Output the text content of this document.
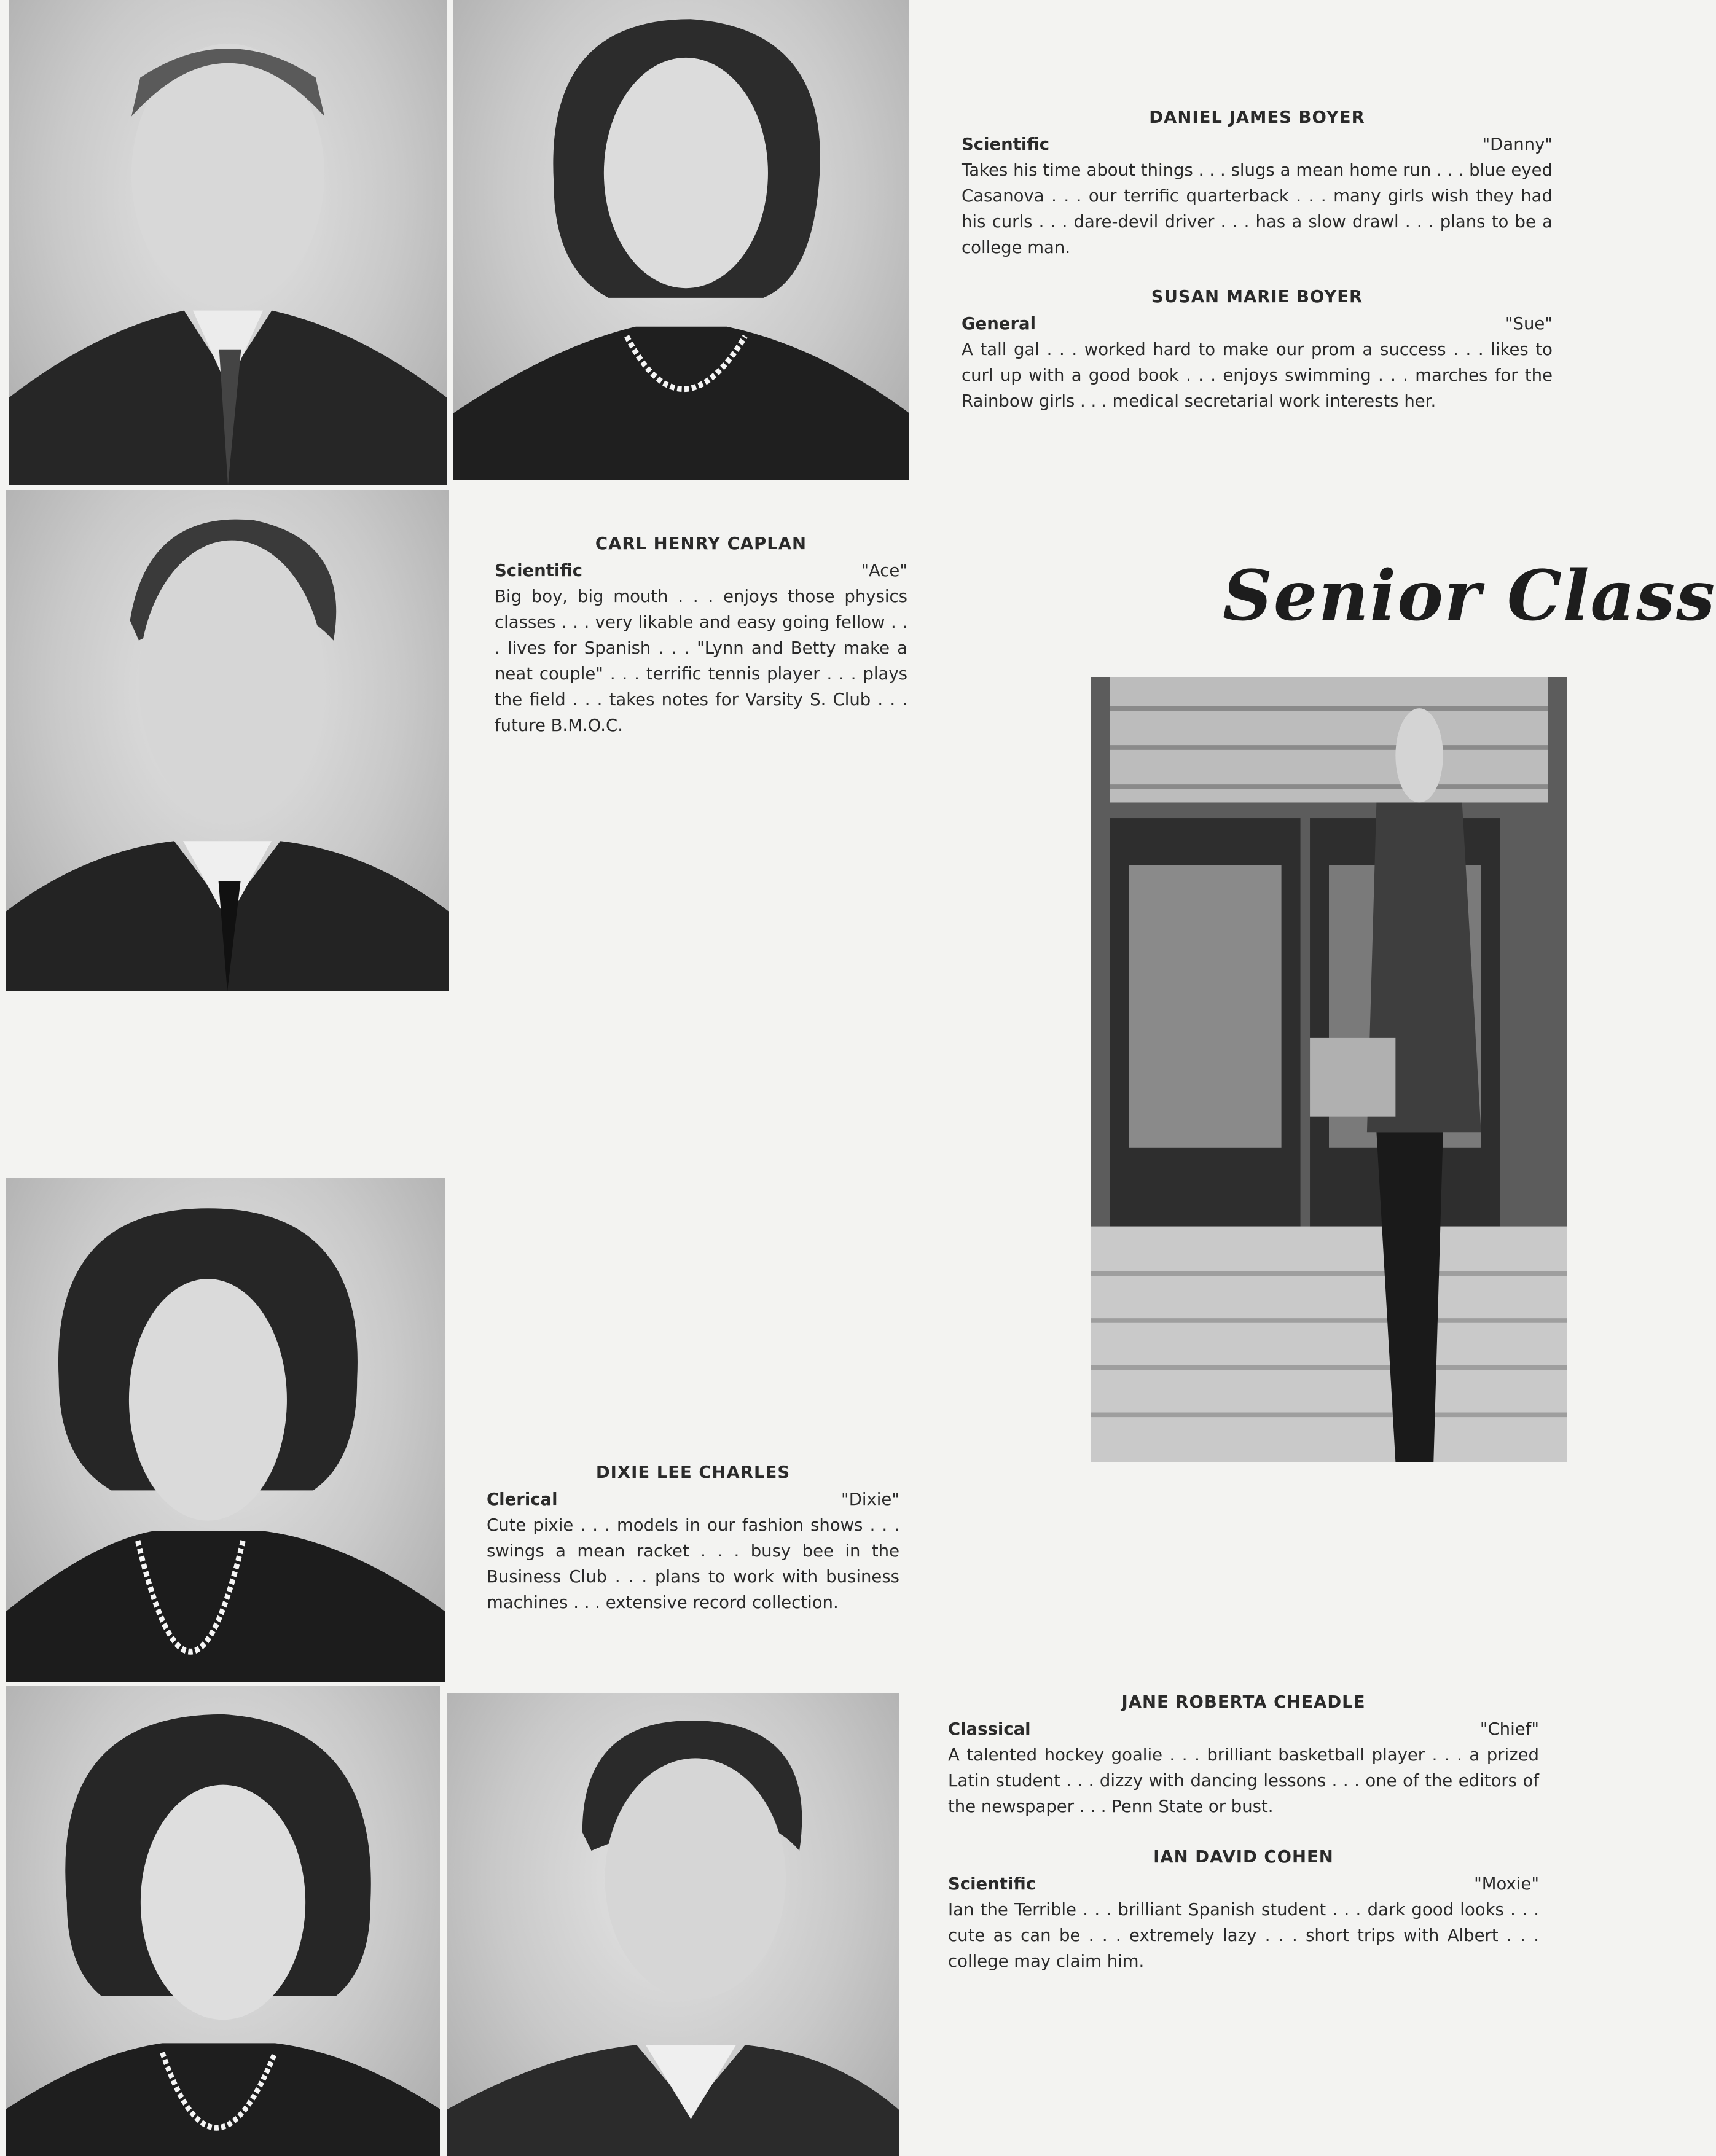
Senior Class
DANIEL JAMES BOYER
Scientific	"Danny"

Takes his time about things . . . slugs a mean home run . . . blue eyed Casanova . . . our terrific quarterback . . . many girls wish they had his curls . . . dare-devil driver . . . has a slow drawl . . . plans to be a college man.

SUSAN MARIE BOYER
General	"Sue"

A tall gal . . . worked hard to make our prom a success . . . likes to curl up with a good book . . . enjoys swimming . . . marches for the Rainbow girls . . . medical secretarial work interests her.

CARL HENRY CAPLAN
Scientific	"Ace"

Big boy, big mouth . . . enjoys those physics classes . . . very likable and easy going fellow . . . lives for Spanish . . . "Lynn and Betty make a neat couple" . . . terrific tennis player . . . plays the field . . . takes notes for Varsity S. Club . . . future B.M.O.C.

DIXIE LEE CHARLES
Clerical	"Dixie"

Cute pixie . . . models in our fashion shows . . . swings a mean racket . . . busy bee in the Business Club . . . plans to work with business machines . . . extensive record collection.

JANE ROBERTA CHEADLE
Classical	"Chief"

A talented hockey goalie . . . brilliant basketball player . . . a prized Latin student . . . dizzy with dancing lessons . . . one of the editors of the newspaper . . . Penn State or bust.

IAN DAVID COHEN
Scientific	"Moxie"

Ian the Terrible . . . brilliant Spanish student . . . dark good looks . . . cute as can be . . . extremely lazy . . . short trips with Albert . . . college may claim him.
